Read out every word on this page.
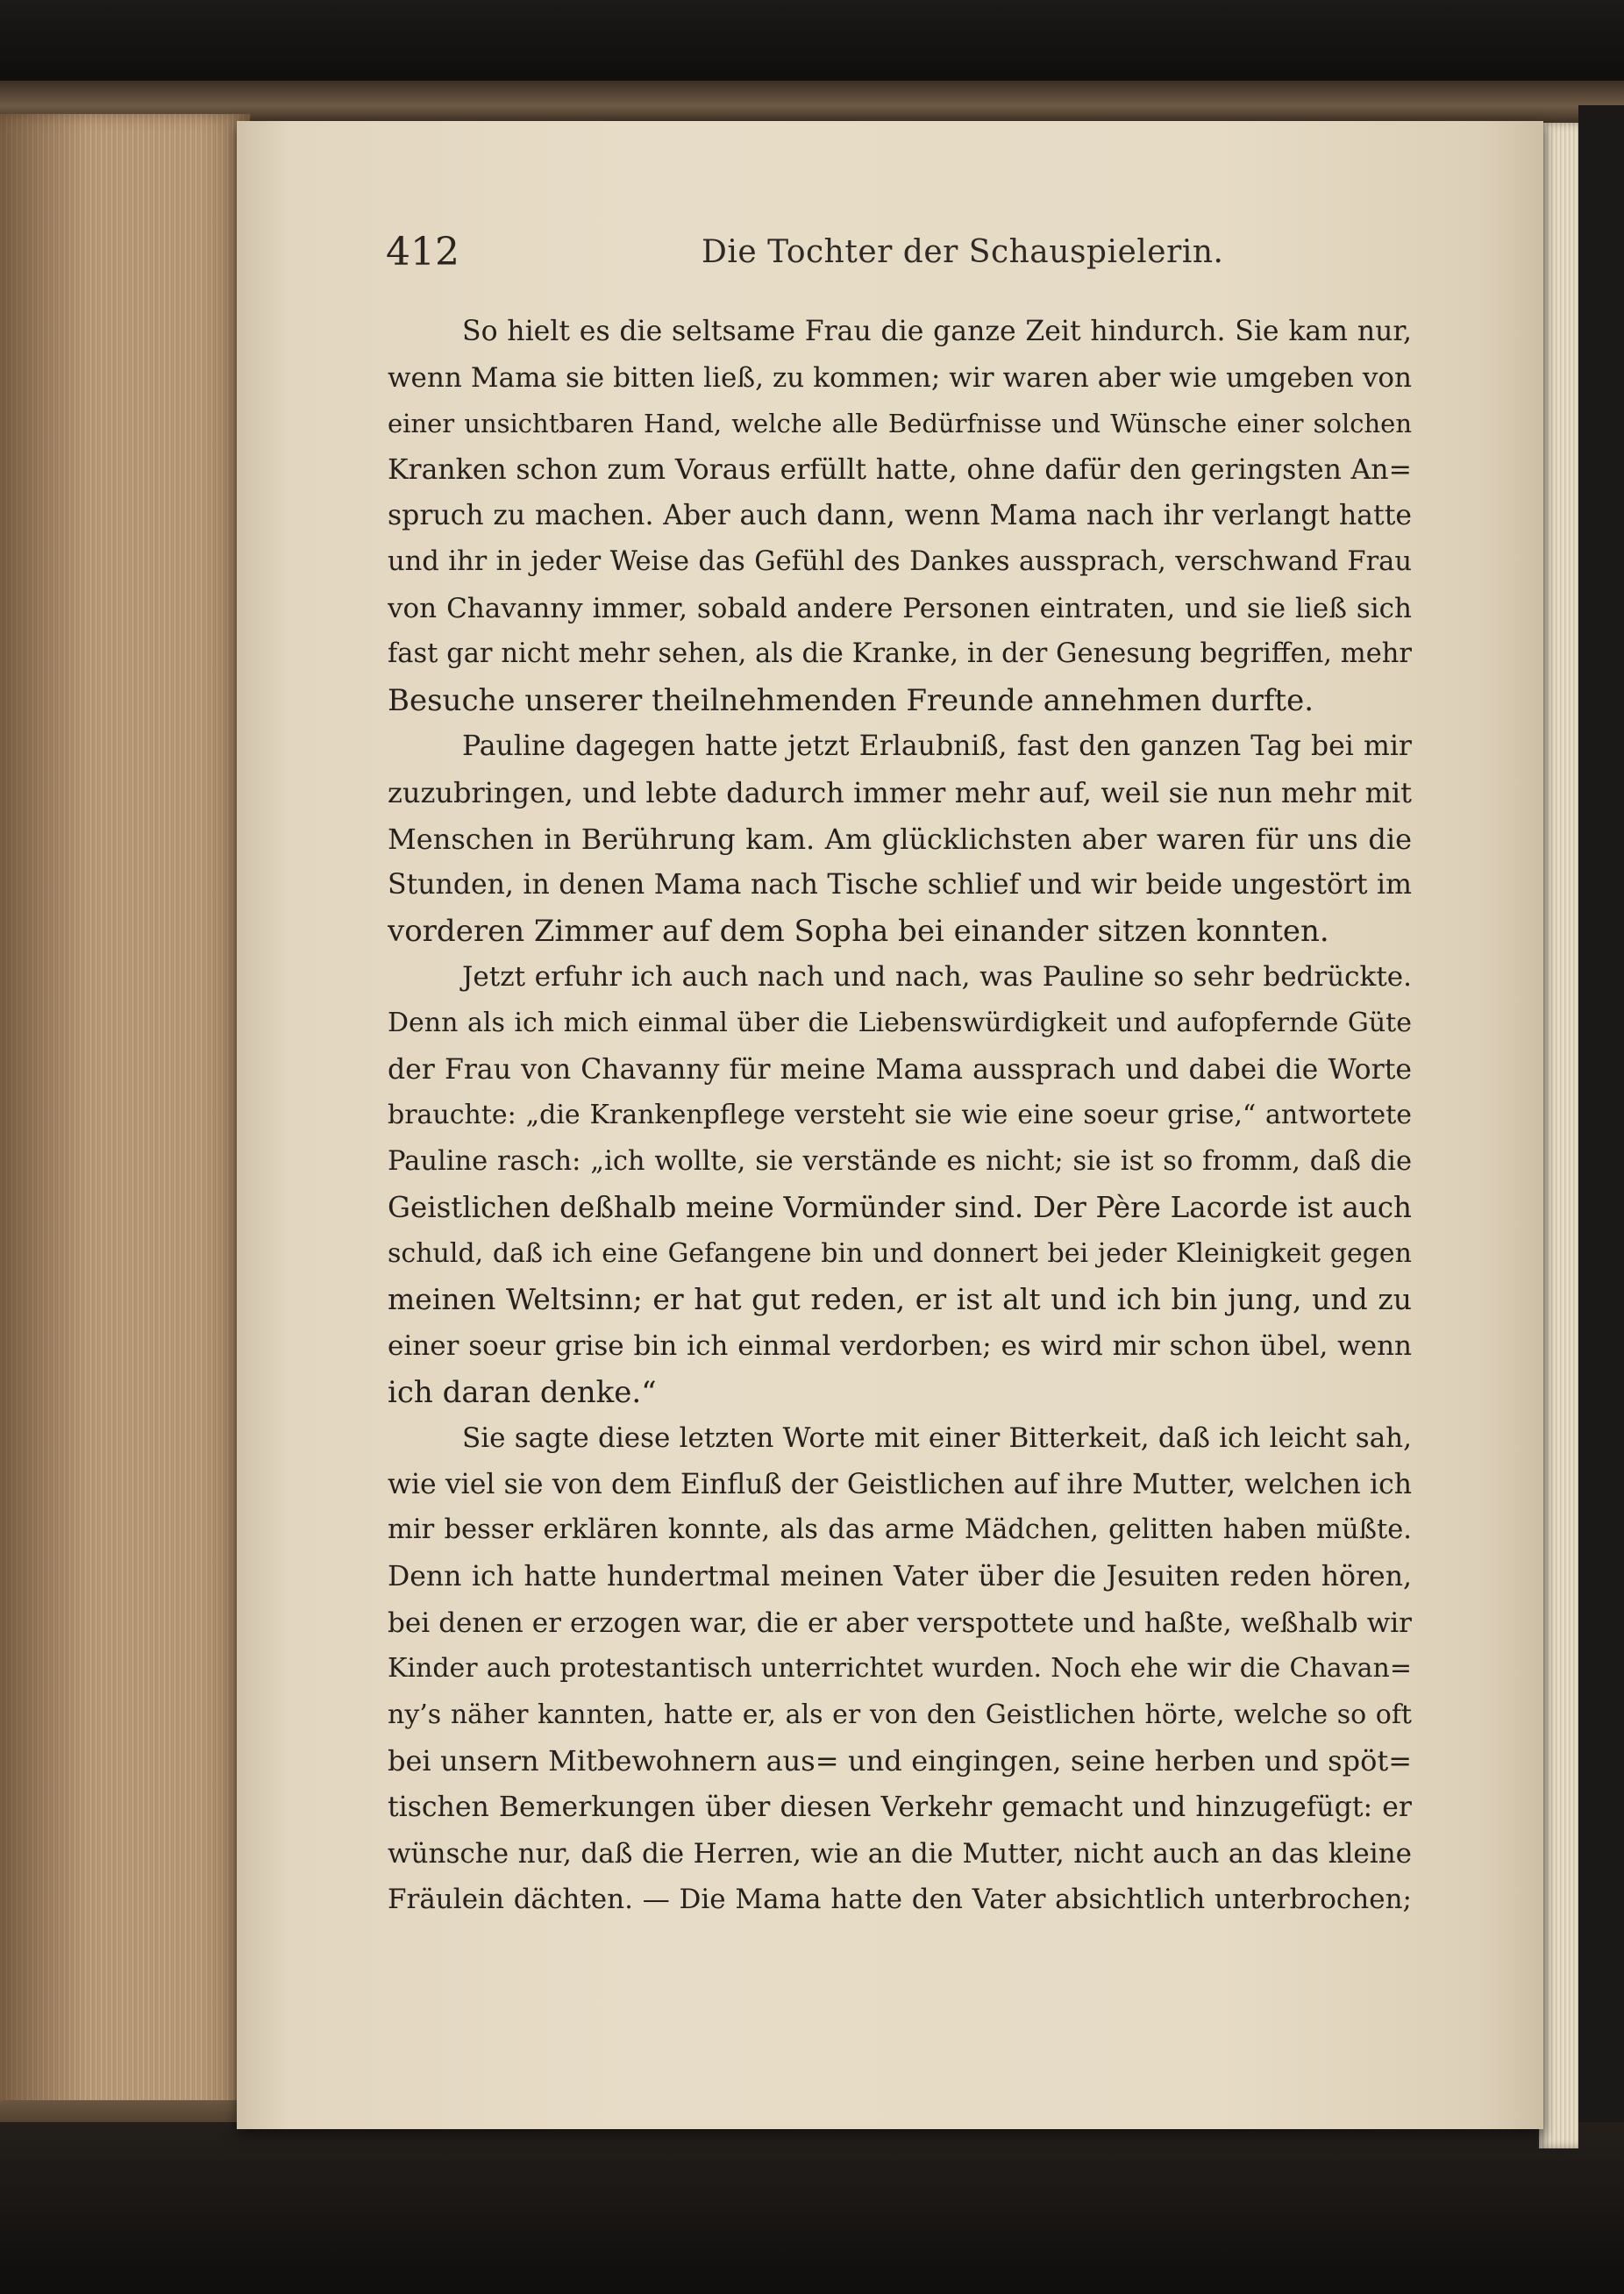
412	Die Tochter der Schauspielerin.
So hielt es die seltsame Frau die ganze Zeit hindurch. Sie kam nur,
wenn Mama sie bitten ließ, zu kommen; wir waren aber wie umgeben von
einer unsichtbaren Hand, welche alle Bedürfnisse und Wünsche einer solchen
Kranken schon zum Voraus erfüllt hatte, ohne dafür den geringsten An=
spruch zu machen. Aber auch dann, wenn Mama nach ihr verlangt hatte
und ihr in jeder Weise das Gefühl des Dankes aussprach, verschwand Frau
von Chavanny immer, sobald andere Personen eintraten, und sie ließ sich
fast gar nicht mehr sehen, als die Kranke, in der Genesung begriffen, mehr
Besuche unserer theilnehmenden Freunde annehmen durfte.
Pauline dagegen hatte jetzt Erlaubniß, fast den ganzen Tag bei mir
zuzubringen, und lebte dadurch immer mehr auf, weil sie nun mehr mit
Menschen in Berührung kam. Am glücklichsten aber waren für uns die
Stunden, in denen Mama nach Tische schlief und wir beide ungestört im
vorderen Zimmer auf dem Sopha bei einander sitzen konnten.
Jetzt erfuhr ich auch nach und nach, was Pauline so sehr bedrückte.
Denn als ich mich einmal über die Liebenswürdigkeit und aufopfernde Güte
der Frau von Chavanny für meine Mama aussprach und dabei die Worte
brauchte: „die Krankenpflege versteht sie wie eine soeur grise,“ antwortete
Pauline rasch: „ich wollte, sie verstände es nicht; sie ist so fromm, daß die
Geistlichen deßhalb meine Vormünder sind. Der Père Lacorde ist auch
schuld, daß ich eine Gefangene bin und donnert bei jeder Kleinigkeit gegen
meinen Weltsinn; er hat gut reden, er ist alt und ich bin jung, und zu
einer soeur grise bin ich einmal verdorben; es wird mir schon übel, wenn
ich daran denke.“
Sie sagte diese letzten Worte mit einer Bitterkeit, daß ich leicht sah,
wie viel sie von dem Einfluß der Geistlichen auf ihre Mutter, welchen ich
mir besser erklären konnte, als das arme Mädchen, gelitten haben müßte.
Denn ich hatte hundertmal meinen Vater über die Jesuiten reden hören,
bei denen er erzogen war, die er aber verspottete und haßte, weßhalb wir
Kinder auch protestantisch unterrichtet wurden. Noch ehe wir die Chavan=
ny’s näher kannten, hatte er, als er von den Geistlichen hörte, welche so oft
bei unsern Mitbewohnern aus= und eingingen, seine herben und spöt=
tischen Bemerkungen über diesen Verkehr gemacht und hinzugefügt: er
wünsche nur, daß die Herren, wie an die Mutter, nicht auch an das kleine
Fräulein dächten. — Die Mama hatte den Vater absichtlich unterbrochen;
